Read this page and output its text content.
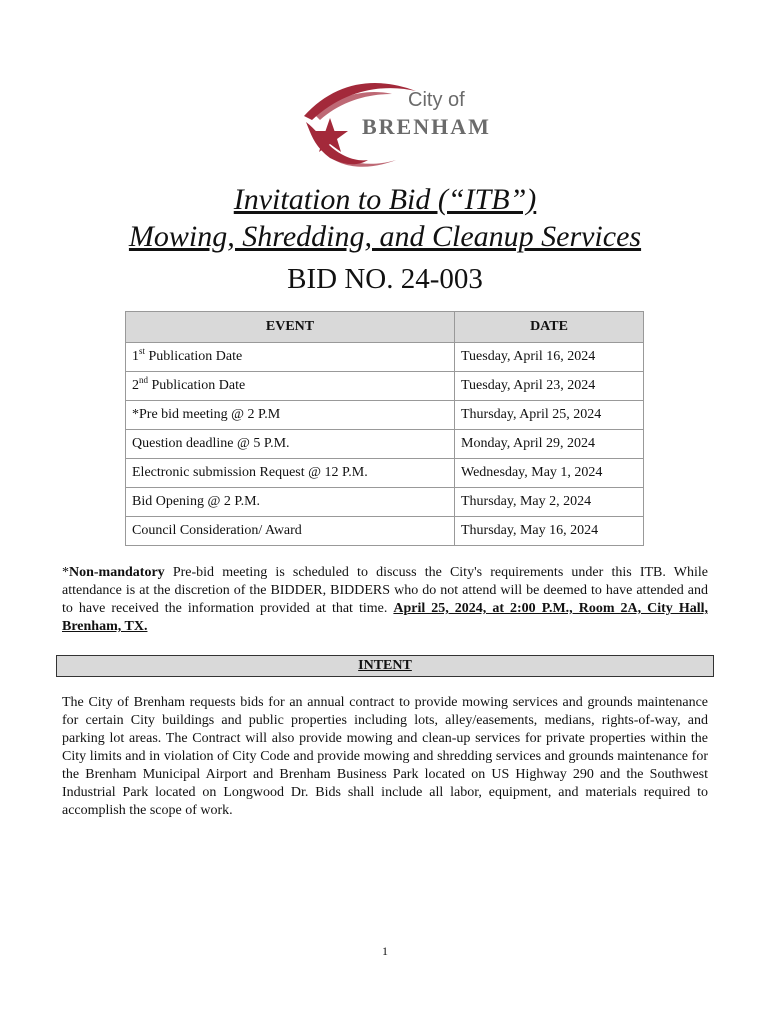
City of
BRENHAM
Invitation to Bid (“ITB”)
Mowing, Shredding, and Cleanup Services
BID NO. 24-003
EVENT	DATE
1st Publication Date	Tuesday, April 16, 2024
2nd Publication Date	Tuesday, April 23, 2024
*Pre bid meeting @ 2 P.M	Thursday, April 25, 2024
Question deadline @ 5 P.M.	Monday, April 29, 2024
Electronic submission Request @ 12 P.M.	Wednesday, May 1, 2024
Bid Opening @ 2 P.M.	Thursday, May 2, 2024
Council Consideration/ Award	Thursday, May 16, 2024
*Non-mandatory Pre-bid meeting is scheduled to discuss the City's requirements under this ITB. While attendance is at the discretion of the BIDDER, BIDDERS who do not attend will be deemed to have attended and to have received the information provided at that time. April 25, 2024, at 2:00 P.M., Room 2A, City Hall, Brenham, TX.
INTENT
The City of Brenham requests bids for an annual contract to provide mowing services and grounds maintenance for certain City buildings and public properties including lots, alley/easements, medians, rights-of-way, and parking lot areas. The Contract will also provide mowing and clean-up services for private properties within the City limits and in violation of City Code and provide mowing and shredding services and grounds maintenance for the Brenham Municipal Airport and Brenham Business Park located on US Highway 290 and the Southwest Industrial Park located on Longwood Dr. Bids shall include all labor, equipment, and materials required to accomplish the scope of work.
1
